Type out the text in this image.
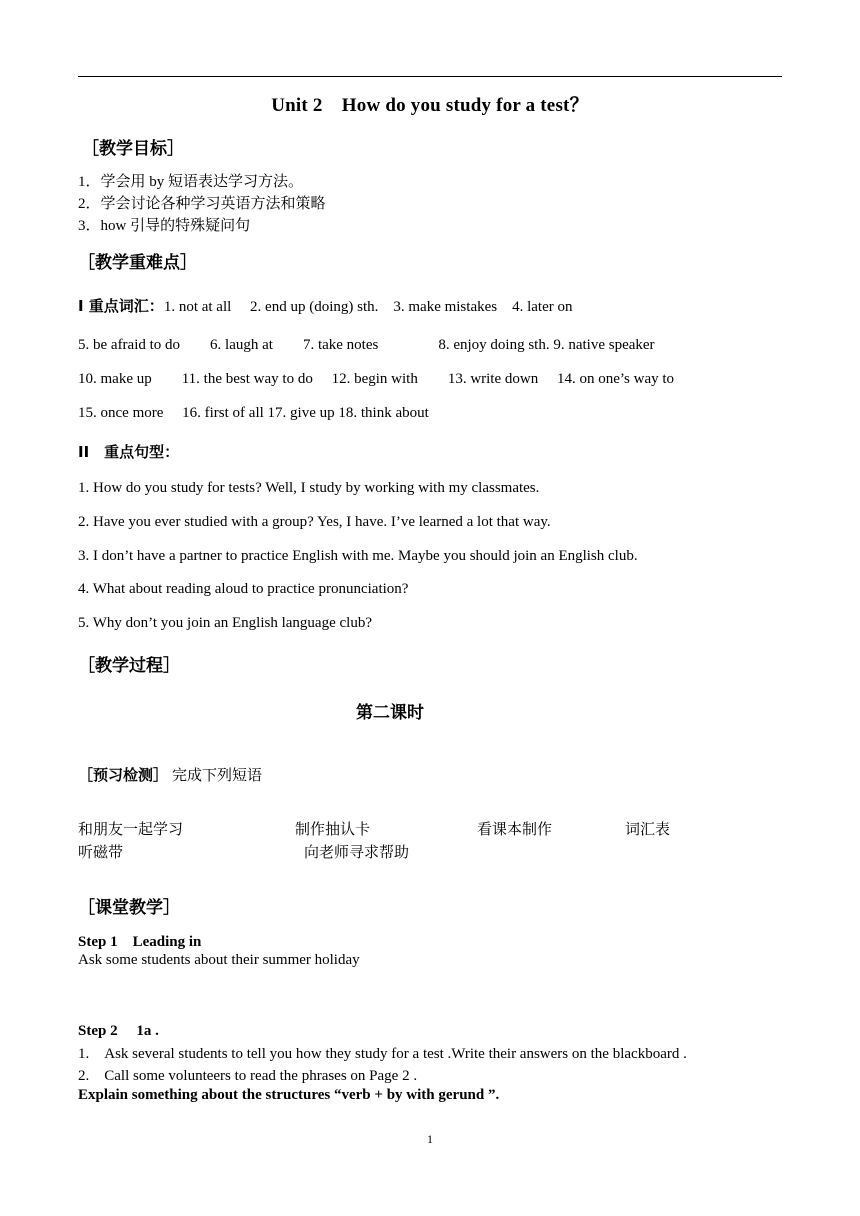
Unit 2　How do you study for a test？
［教学目标］
1．学会用 by 短语表达学习方法。
2．学会讨论各种学习英语方法和策略
3．how 引导的特殊疑问句
［教学重难点］
Ⅰ 重点词汇：1. not at all　 2. end up (doing) sth.　3. make mistakes　4. later on
5. be afraid to do　　6. laugh at　　7. take notes　　　　8. enjoy doing sth. 9. native speaker
10. make up　　11. the best way to do　 12. begin with　　13. write down　 14. on one’s way to
15. once more　 16. first of all 17. give up 18. think about
ⅠⅠ　重点句型：
1. How do you study for tests? Well, I study by working with my classmates.
2. Have you ever studied with a group? Yes, I have. I’ve learned a lot that way.
3. I don’t have a partner to practice English with me. Maybe you should join an English club.
4. What about reading aloud to practice pronunciation?
5. Why don’t you join an English language club?
［教学过程］
第二课时
［预习检测］ 完成下列短语
和朋友一起学习	制作抽认卡	看课本制作	词汇表
听磁带	向老师寻求帮助
［课堂教学］
Step 1　Leading in
Ask some students about their summer holiday
Step 2　 1a .
1.　Ask several students to tell you how they study for a test .Write their answers on the blackboard .
2.　Call some volunteers to read the phrases on Page 2 .
Explain something about the structures “verb + by with gerund ”.
1
